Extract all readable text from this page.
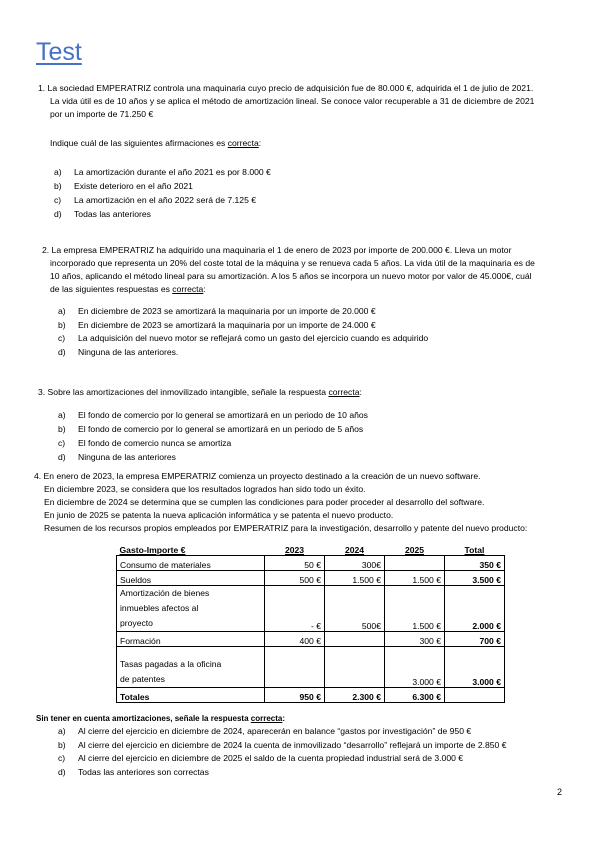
Test
1. La sociedad EMPERATRIZ controla una maquinaria cuyo precio de adquisición fue de 80.000 €, adquirida el 1 de julio de 2021.
La vida útil es de 10 años y se aplica el método de amortización lineal. Se conoce valor recuperable a 31 de diciembre de 2021
por un importe de 71.250 €
Indique cuál de las siguientes afirmaciones es correcta:
a) La amortización durante el año 2021 es por 8.000 €
b) Existe deterioro en el año 2021
c) La amortización en el año 2022 será de 7.125 €
d) Todas las anteriores
2. La empresa EMPERATRIZ ha adquirido una maquinaria el 1 de enero de 2023 por importe de 200.000 €. Lleva un motor
incorporado que representa un 20% del coste total de la máquina y se renueva cada 5 años. La vida útil de la maquinaria es de
10 años, aplicando el método lineal para su amortización. A los 5 años se incorpora un nuevo motor por valor de 45.000€, cuál
de las siguientes respuestas es correcta:
a) En diciembre de 2023 se amortizará la maquinaria por un importe de 20.000 €
b) En diciembre de 2023 se amortizará la maquinaria por un importe de 24.000 €
c) La adquisición del nuevo motor se reflejará como un gasto del ejercicio cuando es adquirido
d) Ninguna de las anteriores.
3. Sobre las amortizaciones del inmovilizado intangible, señale la respuesta correcta:
a) El fondo de comercio por lo general se amortizará en un periodo de 10 años
b) El fondo de comercio por lo general se amortizará en un periodo de 5 años
c) El fondo de comercio nunca se amortiza
d) Ninguna de las anteriores
4. En enero de 2023, la empresa EMPERATRIZ comienza un proyecto destinado a la creación de un nuevo software.
En diciembre 2023, se considera que los resultados logrados han sido todo un éxito.
En diciembre de 2024 se determina que se cumplen las condiciones para poder proceder al desarrollo del software.
En junio de 2025 se patenta la nueva aplicación informática y se patenta el nuevo producto.
Resumen de los recursos propios empleados por EMPERATRIZ para la investigación, desarrollo y patente del nuevo producto:
Gasto-Importe €	2023	2024	2025	Total
Consumo de materiales	50 €	300€		350 €
Sueldos	500 €	1.500 €	1.500 €	3.500 €

Amortización de bienes
inmuebles afectos al
proyecto	- €	500€	1.500 €	2.000 €
Formación	400 €		300 €	700 €

Tasas pagadas a la oficina
de patentes			3.000 €	3.000 €
Totales	950 €	2.300 €	6.300 €	
Sin tener en cuenta amortizaciones, señale la respuesta correcta:
a) Al cierre del ejercicio en diciembre de 2024, aparecerán en balance “gastos por investigación” de 950 €
b) Al cierre del ejercicio en diciembre de 2024 la cuenta de inmovilizado “desarrollo” reflejará un importe de 2.850 €
c) Al cierre del ejercicio en diciembre de 2025 el saldo de la cuenta propiedad industrial será de 3.000 €
d) Todas las anteriores son correctas
2
